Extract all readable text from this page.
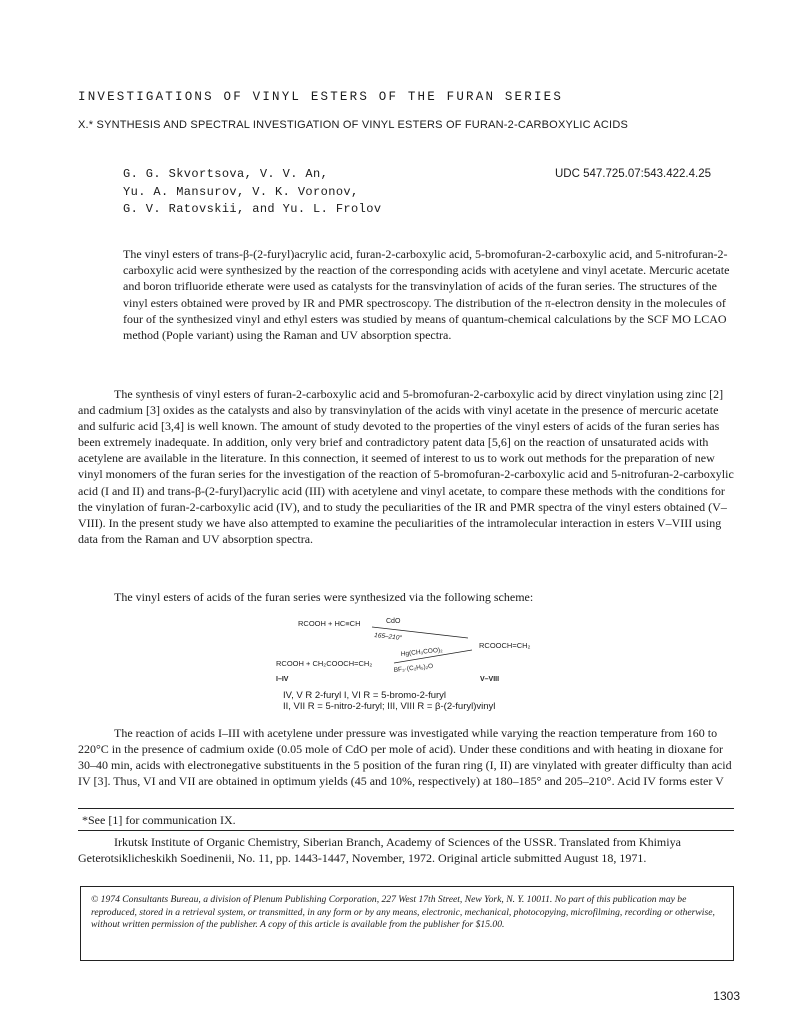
INVESTIGATIONS OF VINYL ESTERS OF THE FURAN SERIES
X.* SYNTHESIS AND SPECTRAL INVESTIGATION OF VINYL ESTERS OF FURAN-2-CARBOXYLIC ACIDS
G. G. Skvortsova, V. V. An,
Yu. A. Mansurov, V. K. Voronov,
G. V. Ratovskii, and Yu. L. Frolov
UDC 547.725.07:543.422.4.25
The vinyl esters of trans-β-(2-furyl)acrylic acid, furan-2-carboxylic acid, 5-bromofuran-2-carboxylic acid, and 5-nitrofuran-2-carboxylic acid were synthesized by the reaction of the corresponding acids with acetylene and vinyl acetate. Mercuric acetate and boron trifluoride etherate were used as catalysts for the transvinylation of acids of the furan series. The structures of the vinyl esters obtained were proved by IR and PMR spectroscopy. The distribution of the π-electron density in the molecules of four of the synthesized vinyl and ethyl esters was studied by means of quantum-chemical calculations by the SCF MO LCAO method (Pople variant) using the Raman and UV absorption spectra.
The synthesis of vinyl esters of furan-2-carboxylic acid and 5-bromofuran-2-carboxylic acid by direct vinylation using zinc [2] and cadmium [3] oxides as the catalysts and also by transvinylation of the acids with vinyl acetate in the presence of mercuric acetate and sulfuric acid [3,4] is well known. The amount of study devoted to the properties of the vinyl esters of acids of the furan series has been extremely inadequate. In addition, only very brief and contradictory patent data [5,6] on the reaction of unsaturated acids with acetylene are available in the literature. In this connection, it seemed of interest to us to work out methods for the preparation of new vinyl monomers of the furan series for the investigation of the reaction of 5-bromofuran-2-carboxylic acid and 5-nitrofuran-2-carboxylic acid (I and II) and trans-β-(2-furyl)acrylic acid (III) with acetylene and vinyl acetate, to compare these methods with the conditions for the vinylation of furan-2-carboxylic acid (IV), and to study the peculiarities of the IR and PMR spectra of the vinyl esters obtained (V–VIII). In the present study we have also attempted to examine the peculiarities of the intramolecular interaction in esters V–VIII using data from the Raman and UV absorption spectra.
The vinyl esters of acids of the furan series were synthesized via the following scheme:
RCOOH + HC≡CH	CdO
165–210°
RCOOCH=CH₂
Hg(CH₃COO)₂
BF₃·(C₂H₅)₂O
RCOOH + CH₂COOCH=CH₂
I–IV	V–VIII
IV, V R 2-furyl I, VI R = 5-bromo-2-furyl
II, VII R = 5-nitro-2-furyl; III, VIII R = β-(2-furyl)vinyl
The reaction of acids I–III with acetylene under pressure was investigated while varying the reaction temperature from 160 to 220°C in the presence of cadmium oxide (0.05 mole of CdO per mole of acid). Under these conditions and with heating in dioxane for 30–40 min, acids with electronegative substituents in the 5 position of the furan ring (I, II) are vinylated with greater difficulty than acid IV [3]. Thus, VI and VII are obtained in optimum yields (45 and 10%, respectively) at 180–185° and 205–210°. Acid IV forms ester V
*See [1] for communication IX.
Irkutsk Institute of Organic Chemistry, Siberian Branch, Academy of Sciences of the USSR. Translated from Khimiya Geterotsiklicheskikh Soedinenii, No. 11, pp. 1443-1447, November, 1972. Original article submitted August 18, 1971.
© 1974 Consultants Bureau, a division of Plenum Publishing Corporation, 227 West 17th Street, New York, N. Y. 10011. No part of this publication may be reproduced, stored in a retrieval system, or transmitted, in any form or by any means, electronic, mechanical, photocopying, microfilming, recording or otherwise, without written permission of the publisher. A copy of this article is available from the publisher for $15.00.
1303
